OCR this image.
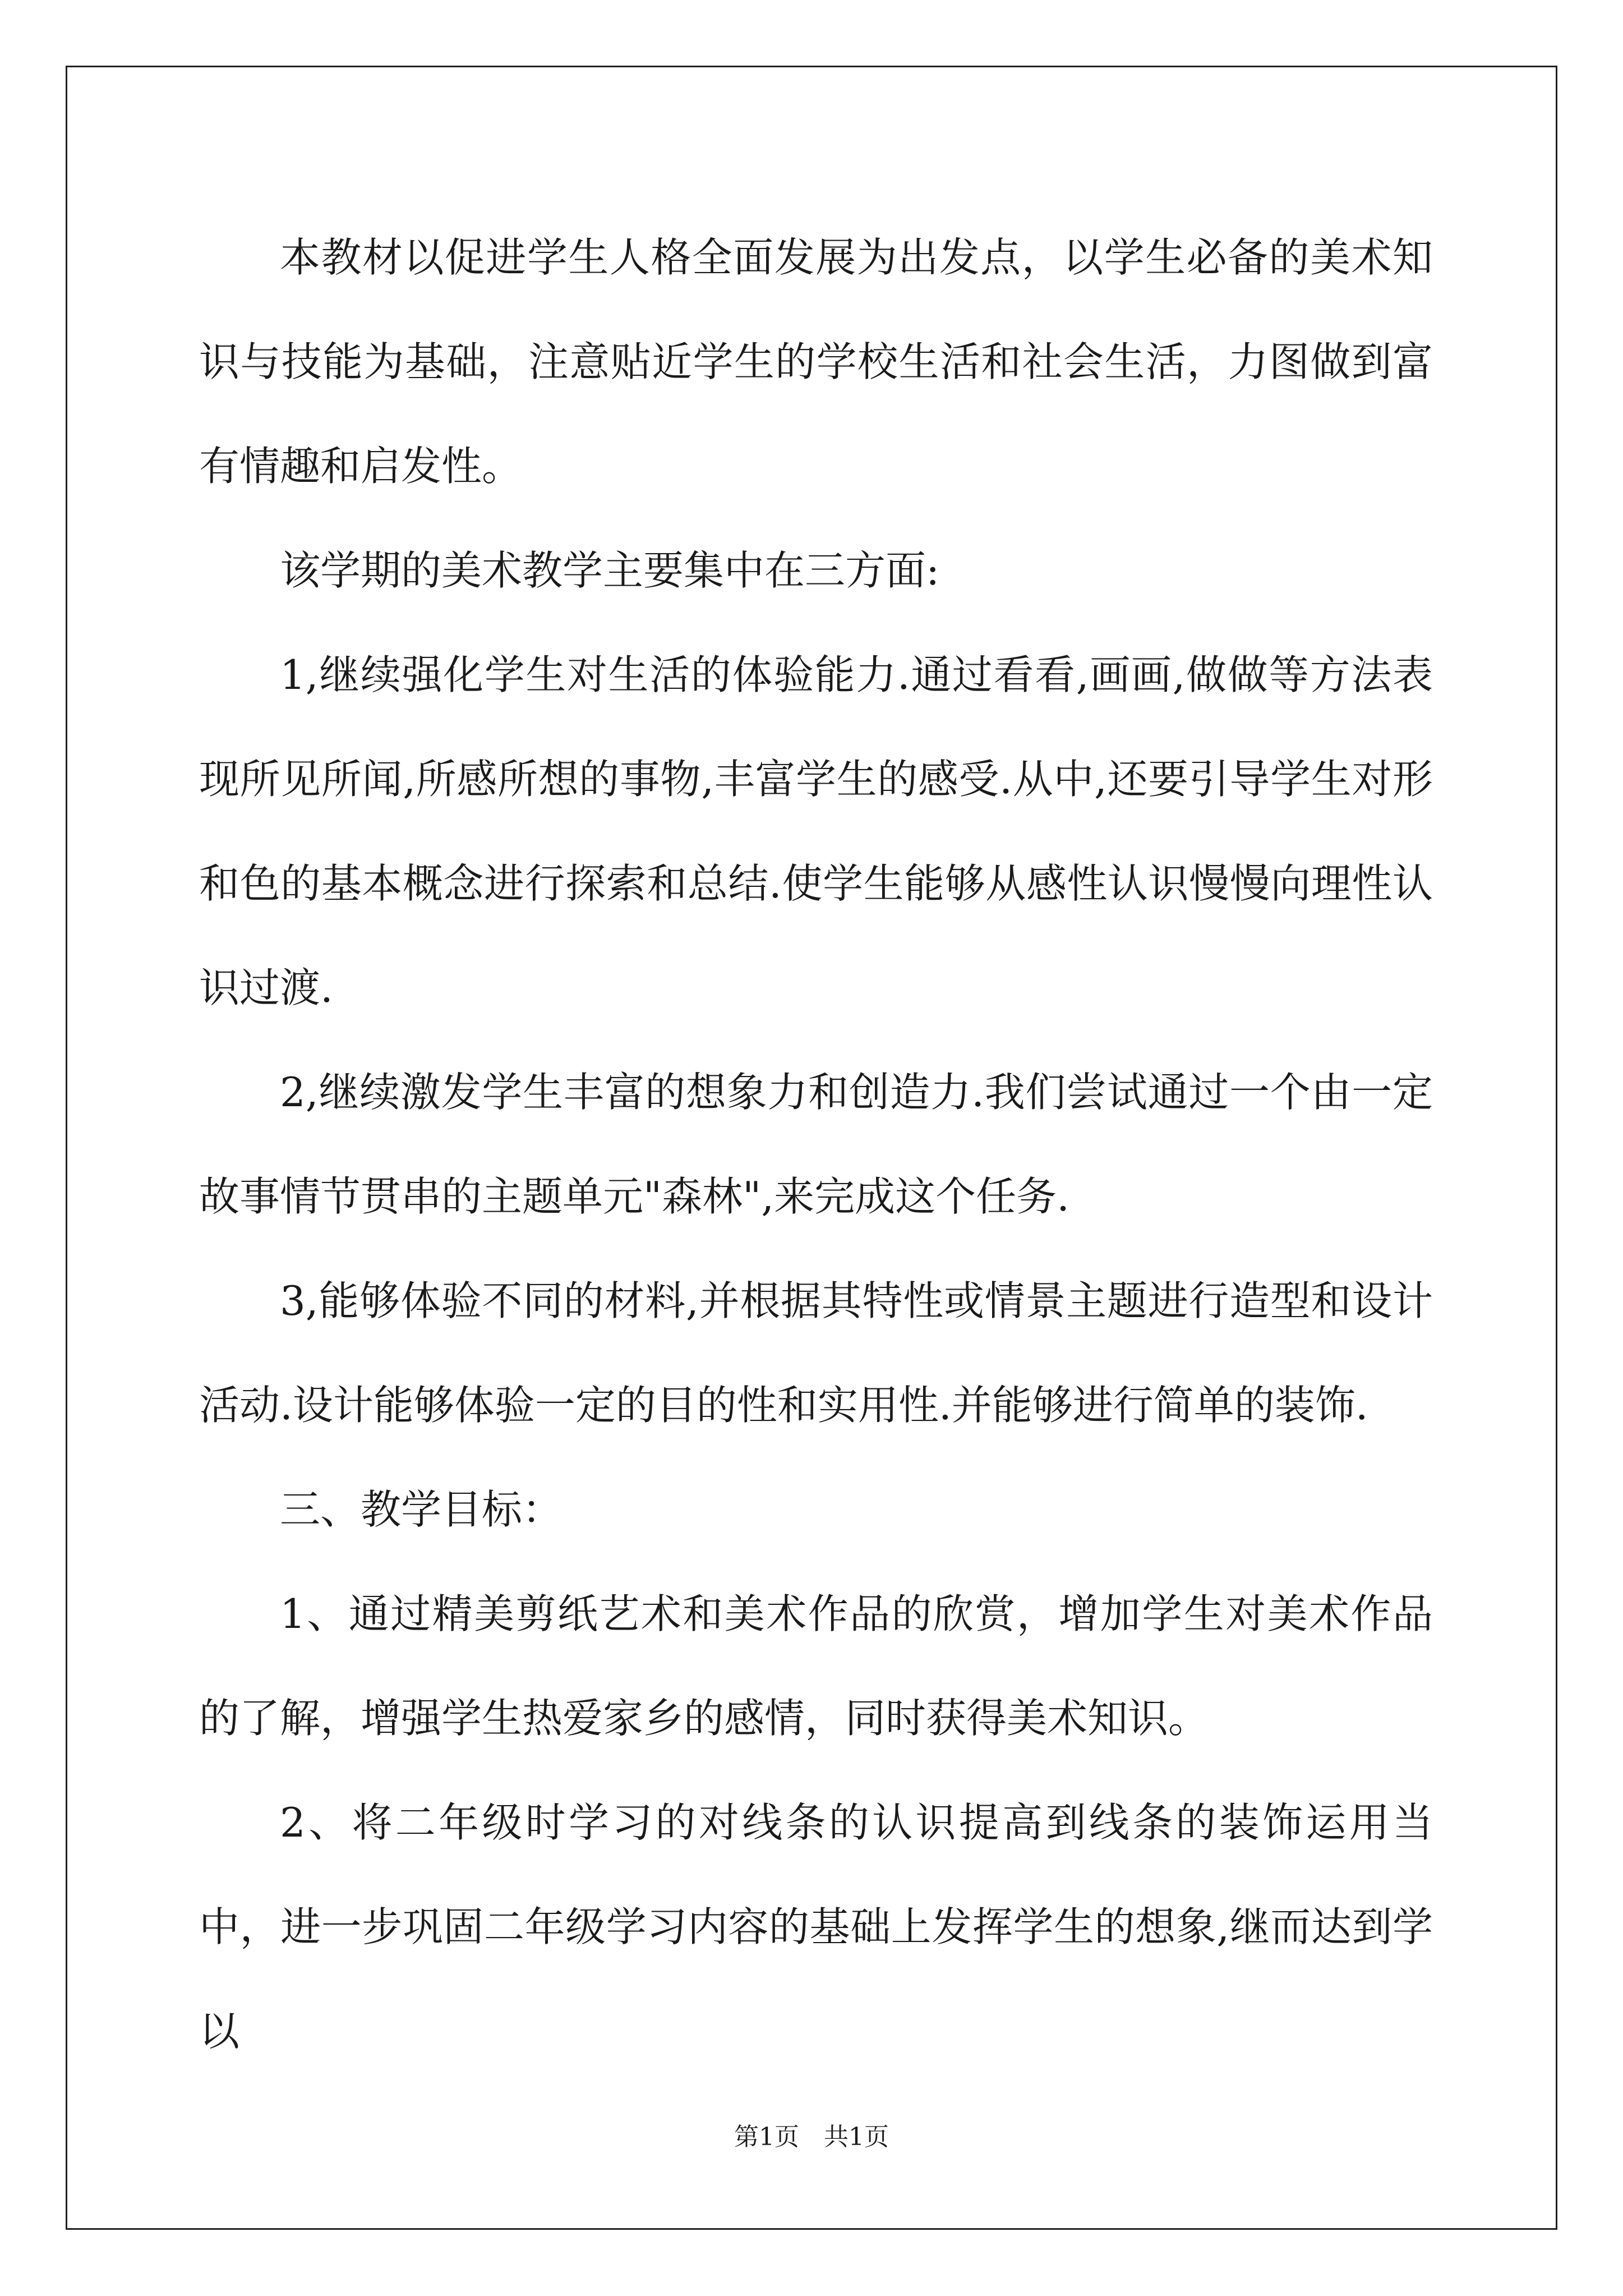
本教材以促进学生人格全面发展为出发点，以学生必备的美术知识与技能为基础，注意贴近学生的学校生活和社会生活，力图做到富有情趣和启发性。

该学期的美术教学主要集中在三方面:

1,继续强化学生对生活的体验能力.通过看看,画画,做做等方法表现所见所闻,所感所想的事物,丰富学生的感受.从中,还要引导学生对形和色的基本概念进行探索和总结.使学生能够从感性认识慢慢向理性认识过渡.

2,继续激发学生丰富的想象力和创造力.我们尝试通过一个由一定故事情节贯串的主题单元"森林",来完成这个任务.

3,能够体验不同的材料,并根据其特性或情景主题进行造型和设计活动.设计能够体验一定的目的性和实用性.并能够进行简单的装饰.

三、教学目标：

1、通过精美剪纸艺术和美术作品的欣赏，增加学生对美术作品的了解，增强学生热爱家乡的感情，同时获得美术知识。

2、将二年级时学习的对线条的认识提高到线条的装饰运用当中，进一步巩固二年级学习内容的基础上发挥学生的想象,继而达到学以

第1页　共1页
